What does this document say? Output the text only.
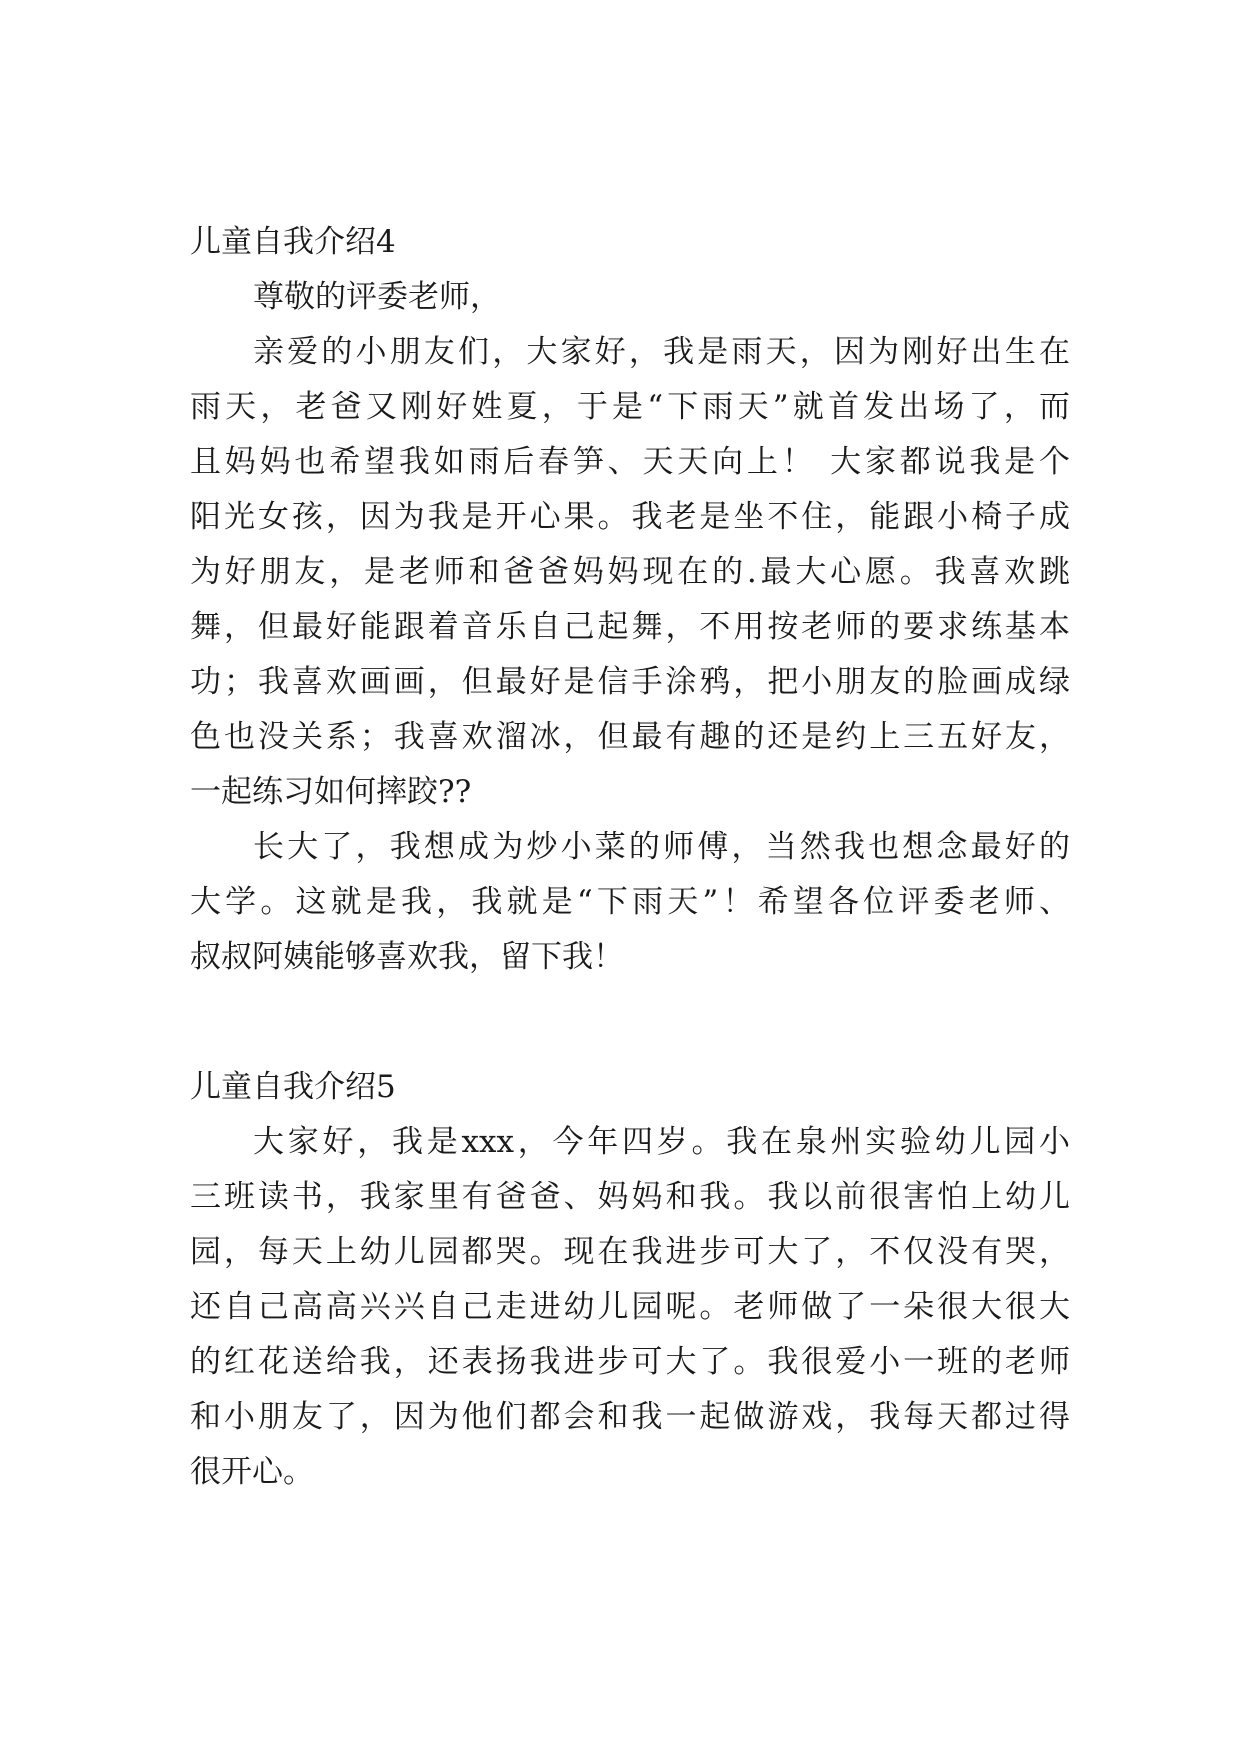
儿童自我介绍4
尊敬的评委老师，
亲爱的小朋友们，大家好，我是雨天，因为刚好出生在
雨天，老爸又刚好姓夏，于是“下雨天”就首发出场了，而
且妈妈也希望我如雨后春笋、天天向上！ 大家都说我是个
阳光女孩，因为我是开心果。我老是坐不住，能跟小椅子成
为好朋友，是老师和爸爸妈妈现在的.最大心愿。我喜欢跳
舞，但最好能跟着音乐自己起舞，不用按老师的要求练基本
功；我喜欢画画，但最好是信手涂鸦，把小朋友的脸画成绿
色也没关系；我喜欢溜冰，但最有趣的还是约上三五好友，
一起练习如何摔跤??
长大了，我想成为炒小菜的师傅，当然我也想念最好的
大学。这就是我，我就是“下雨天”！希望各位评委老师、
叔叔阿姨能够喜欢我，留下我！
儿童自我介绍5
大家好，我是xxx，今年四岁。我在泉州实验幼儿园小
三班读书，我家里有爸爸、妈妈和我。我以前很害怕上幼儿
园，每天上幼儿园都哭。现在我进步可大了，不仅没有哭，
还自己高高兴兴自己走进幼儿园呢。老师做了一朵很大很大
的红花送给我，还表扬我进步可大了。我很爱小一班的老师
和小朋友了，因为他们都会和我一起做游戏，我每天都过得
很开心。
